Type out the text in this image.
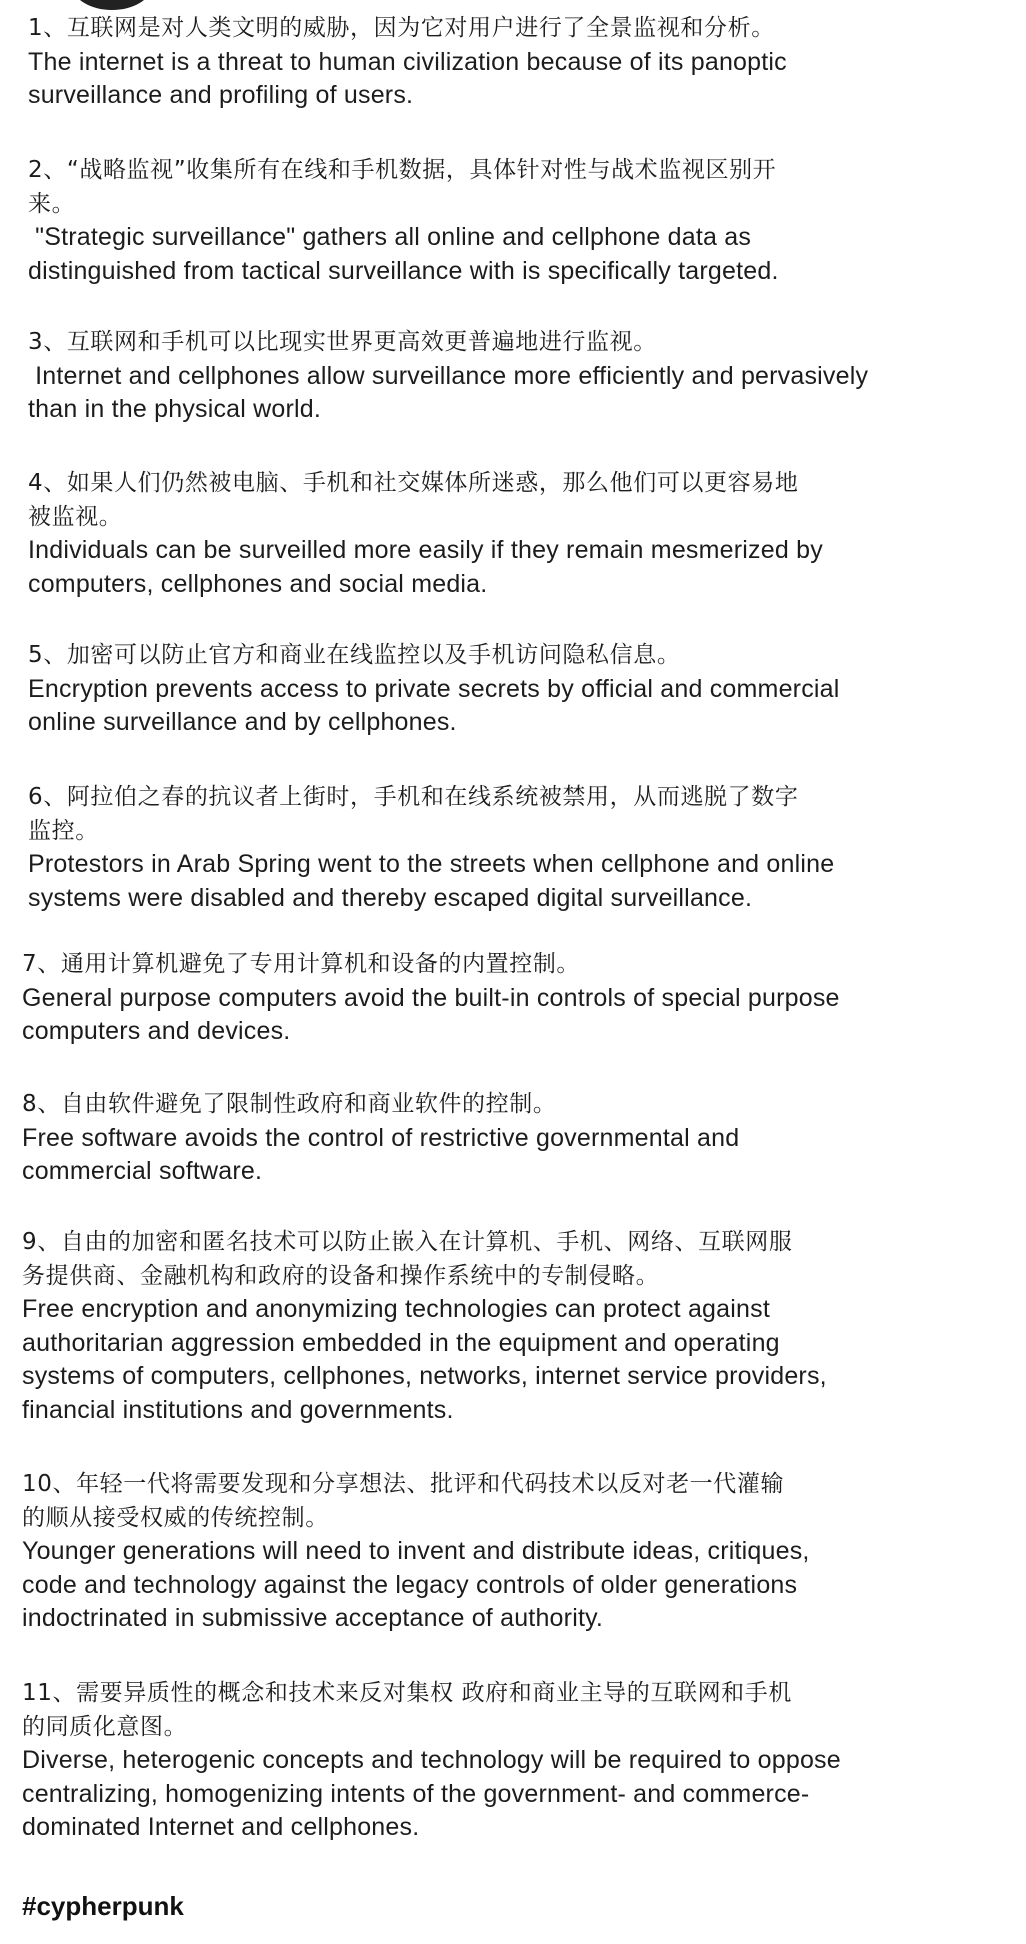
1、互联网是对人类文明的威胁，因为它对用户进行了全景监视和分析。
The internet is a threat to human civilization because of its panoptic
surveillance and profiling of users.
2、“战略监视”收集所有在线和手机数据，具体针对性与战术监视区别开
来。
"Strategic surveillance" gathers all online and cellphone data as
distinguished from tactical surveillance with is specifically targeted.
3、互联网和手机可以比现实世界更高效更普遍地进行监视。
Internet and cellphones allow surveillance more efficiently and pervasively
than in the physical world.
4、如果人们仍然被电脑、手机和社交媒体所迷惑，那么他们可以更容易地
被监视。
Individuals can be surveilled more easily if they remain mesmerized by
computers, cellphones and social media.
5、加密可以防止官方和商业在线监控以及手机访问隐私信息。
Encryption prevents access to private secrets by official and commercial
online surveillance and by cellphones.
6、阿拉伯之春的抗议者上街时，手机和在线系统被禁用，从而逃脱了数字
监控。
Protestors in Arab Spring went to the streets when cellphone and online
systems were disabled and thereby escaped digital surveillance.
7、通用计算机避免了专用计算机和设备的内置控制。
General purpose computers avoid the built-in controls of special purpose
computers and devices.
8、自由软件避免了限制性政府和商业软件的控制。
Free software avoids the control of restrictive governmental and
commercial software.
9、自由的加密和匿名技术可以防止嵌入在计算机、手机、网络、互联网服
务提供商、金融机构和政府的设备和操作系统中的专制侵略。
Free encryption and anonymizing technologies can protect against
authoritarian aggression embedded in the equipment and operating
systems of computers, cellphones, networks, internet service providers,
financial institutions and governments.
10、年轻一代将需要发现和分享想法、批评和代码技术以反对老一代灌输
的顺从接受权威的传统控制。
Younger generations will need to invent and distribute ideas, critiques,
code and technology against the legacy controls of older generations
indoctrinated in submissive acceptance of authority.
11、需要异质性的概念和技术来反对集权 政府和商业主导的互联网和手机
的同质化意图。
Diverse, heterogenic concepts and technology will be required to oppose
centralizing, homogenizing intents of the government- and commerce-
dominated Internet and cellphones.
#cypherpunk
